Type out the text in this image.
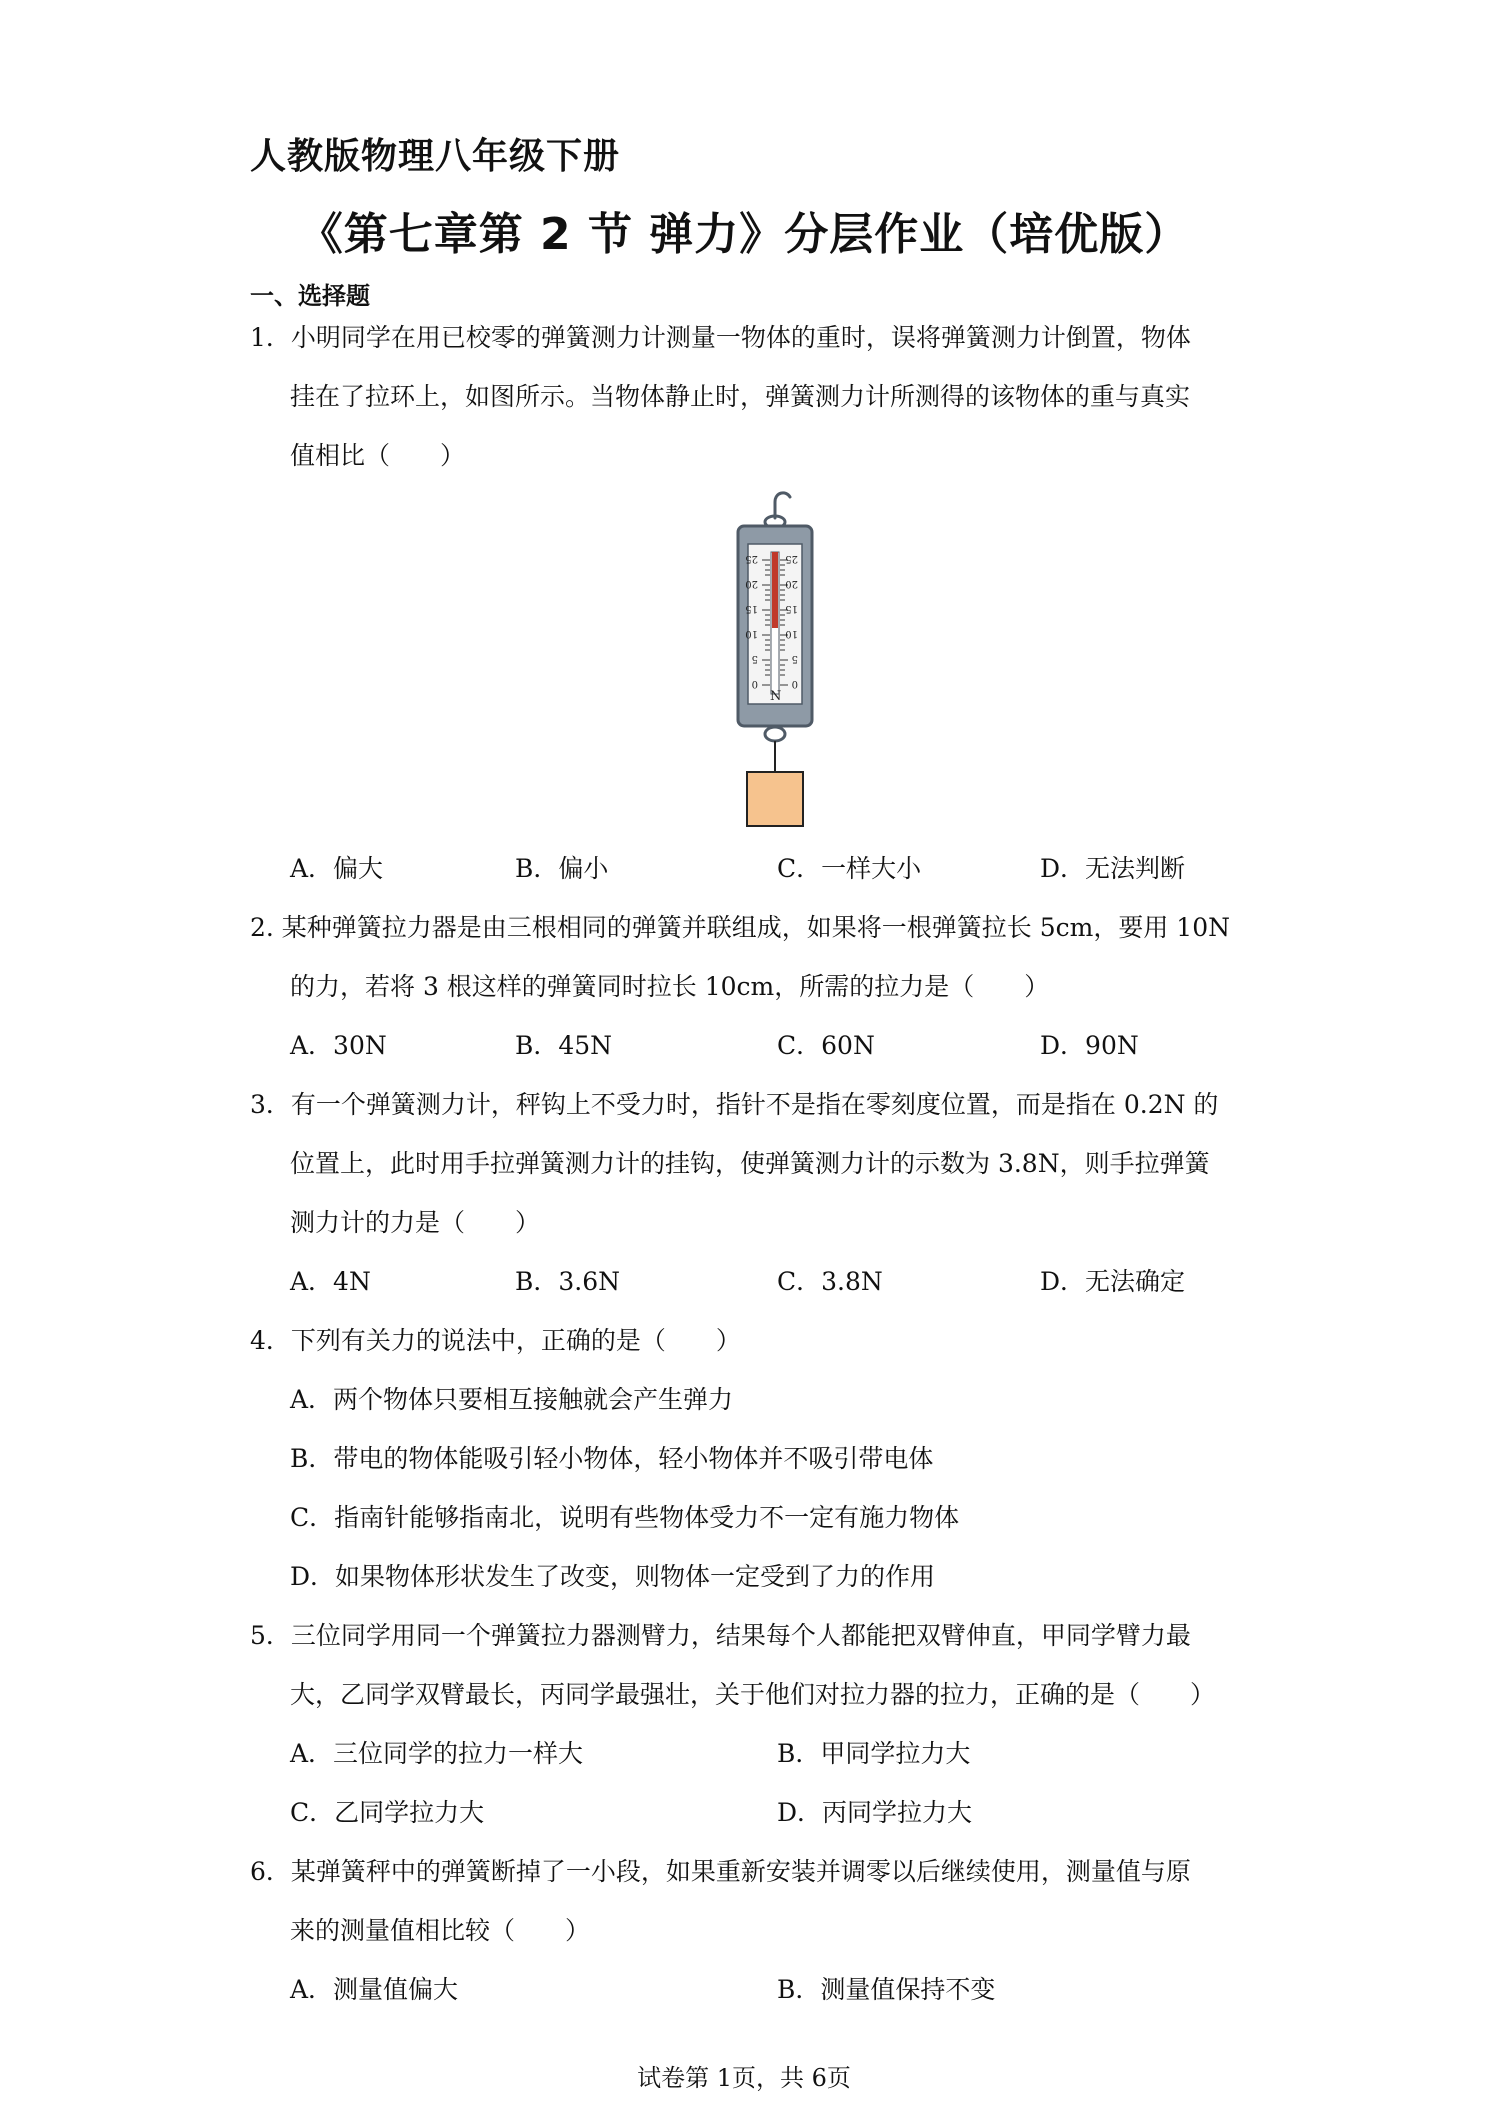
人教版物理八年级下册
《第七章第 2 节 弹力》分层作业（培优版）
一、选择题
1．小明同学在用已校零的弹簧测力计测量一物体的重时，误将弹簧测力计倒置，物体
挂在了拉环上，如图所示。当物体静止时，弹簧测力计所测得的该物体的重与真实
值相比（　　）
25
20
15
10
5
0
25
20
15
10
5
0
N
A．偏大	B．偏小	C．一样大小	D．无法判断
2. 某种弹簧拉力器是由三根相同的弹簧并联组成，如果将一根弹簧拉长 5cm，要用 10N
的力，若将 3 根这样的弹簧同时拉长 10cm，所需的拉力是（　　）
A．30N	B．45N	C．60N	D．90N
3．有一个弹簧测力计，秤钩上不受力时，指针不是指在零刻度位置，而是指在 0.2N 的
位置上，此时用手拉弹簧测力计的挂钩，使弹簧测力计的示数为 3.8N，则手拉弹簧
测力计的力是（　　）
A．4N	B．3.6N	C．3.8N	D．无法确定
4．下列有关力的说法中，正确的是（　　）
A．两个物体只要相互接触就会产生弹力
B．带电的物体能吸引轻小物体，轻小物体并不吸引带电体
C．指南针能够指南北，说明有些物体受力不一定有施力物体
D．如果物体形状发生了改变，则物体一定受到了力的作用
5．三位同学用同一个弹簧拉力器测臂力，结果每个人都能把双臂伸直，甲同学臂力最
大，乙同学双臂最长，丙同学最强壮，关于他们对拉力器的拉力，正确的是（　　）
A．三位同学的拉力一样大	B．甲同学拉力大
C．乙同学拉力大	D．丙同学拉力大
6．某弹簧秤中的弹簧断掉了一小段，如果重新安装并调零以后继续使用，测量值与原
来的测量值相比较（　　）
A．测量值偏大	B．测量值保持不变
试卷第 1页，共 6页
